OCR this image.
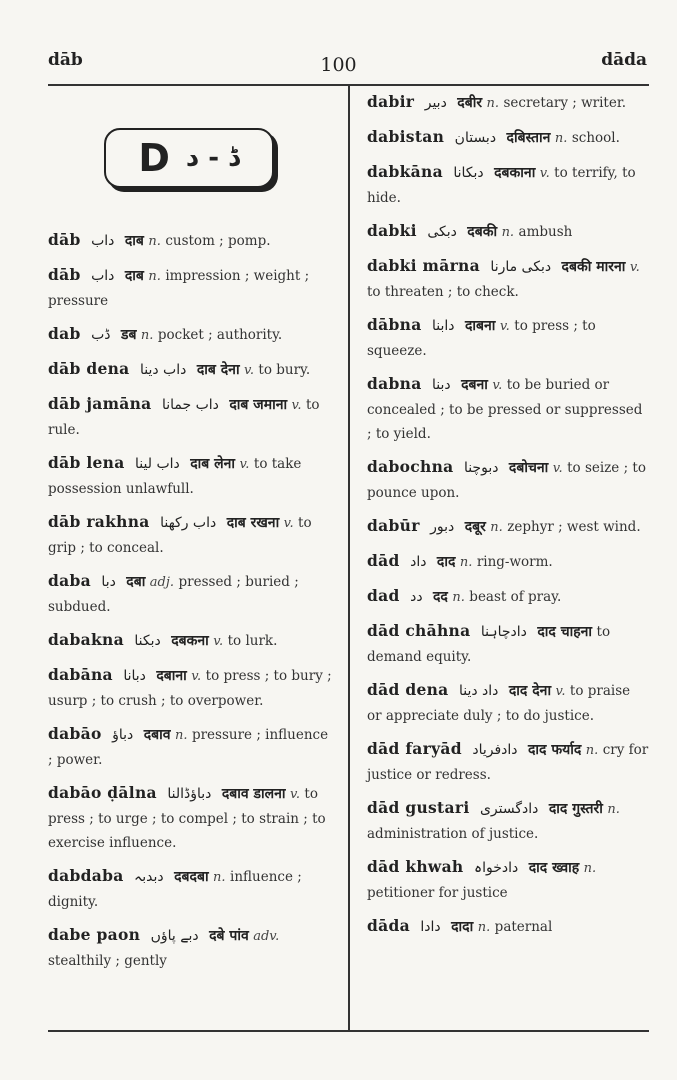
dāb	100	dāda
D ڈ - د
dāb داب दाब n. custom ; pomp.
dāb داب दाब n. impression ; weight ; pressure
dab ڈب डब n. pocket ; authority.
dāb dena داب دینا दाब देना v. to bury.
dāb jamāna داب جمانا दाब जमाना v. to rule.
dāb lena داب لینا दाब लेना v. to take possession unlawfull.
dāb rakhna داب رکھنا दाब रखना v. to grip ; to conceal.
daba دبا दबा adj. pressed ; buried ; subdued.
dabakna دبکنا दबकना v. to lurk.
dabāna دبانا दबाना v. to press ; to bury ; usurp ; to crush ; to overpower.
dabāo دباؤ दबाव n. pressure ; influence ; power.
dabāo ḍālna دباؤڈالنا दबाव डालना v. to press ; to urge ; to compel ; to strain ; to exercise influence.
dabdaba دبدبہ दबदबा n. influence ; dignity.
dabe paon دبے پاؤں दबे पांव adv. stealthily ; gently
dabir دبیر दबीर n. secretary ; writer.
dabistan دبستان दबिस्तान n. school.
dabkāna دبکانا दबकाना v. to terrify, to hide.
dabki دبکی दबकी n. ambush
dabki mārna دبکی مارنا दबकी मारना v. to threaten ; to check.
dābna دابنا दाबना v. to press ; to squeeze.
dabna دبنا दबना v. to be buried or concealed ; to be pressed or suppressed ; to yield.
dabochna دبوچنا दबोचना v. to seize ; to pounce upon.
dabūr دبور दबूर n. zephyr ; west wind.
dād داد दाद n. ring-worm.
dad دد दद n. beast of pray.
dād chāhna دادچاہنا दाद चाहना to demand equity.
dād dena داد دینا दाद देना v. to praise or appreciate duly ; to do justice.
dād faryād دادفریاد दाद फर्याद n. cry for justice or redress.
dād gustari دادگستری दाद गुस्तरी n. administration of justice.
dād khwah دادخواہ दाद ख्वाह n. petitioner for justice
dāda دادا दादा n. paternal
